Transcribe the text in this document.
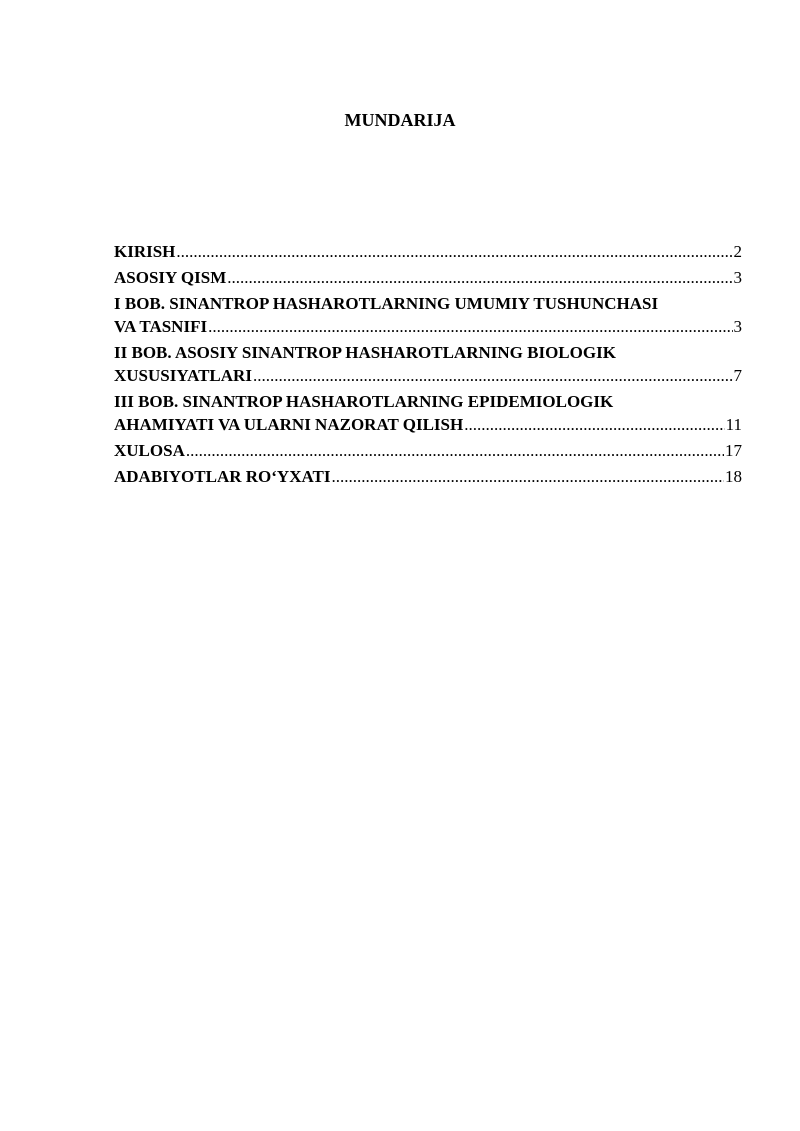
MUNDARIJA
KIRISH .....	2
ASOSIY QISM .....	3
I BOB. SINANTROP HASHAROTLARNING UMUMIY TUSHUNCHASI
VA TASNIFI .....	3
II BOB. ASOSIY SINANTROP HASHAROTLARNING BIOLOGIK
XUSUSIYATLARI .....	7
III BOB. SINANTROP HASHAROTLARNING EPIDEMIOLOGIK
AHAMIYATI VA ULARNI NAZORAT QILISH .....	11
XULOSA .....	17
ADABIYOTLAR RO‘YXATI .....	18
